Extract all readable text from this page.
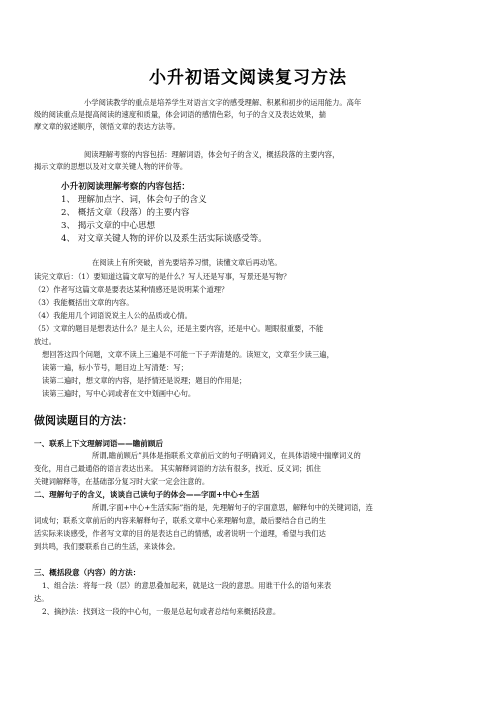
小升初语文阅读复习方法
小学阅读教学的重点是培养学生对语言文字的感受理解、积累和初步的运用能力。高年
级的阅读重点是提高阅读的速度和质量，体会词语的感情色彩，句子的含义及表达效果，揣
摩文章的叙述顺序，领悟文章的表达方法等。
阅读理解考察的内容包括：理解词语，体会句子的含义，概括段落的主要内容，
揭示文章的思想以及对文章关键人物的评价等。
小升初阅读理解考察的内容包括：
1、 理解加点字、词，体会句子的含义
2、 概括文章（段落）的主要内容
3、 揭示文章的中心思想
4、 对文章关键人物的评价以及系生活实际谈感受等。
在阅读上有所突破，首先要培养习惯，读懂文章后再动笔。
读完文章后：（1）要知道这篇文章写的是什么？写人还是写事，写景还是写物？
（2）作者写这篇文章是要表达某种情感还是说明某个道理？
（3）我能概括出文章的内容。
（4）我能用几个词语说说主人公的品质或心情。
（5）文章的题目是想表达什么？是主人公，还是主要内容，还是中心。题眼很重要，不能
放过。
想回答这四个问题，文章不读上三遍是不可能一下子弄清楚的。读短文，文章至少读三遍，
读第一遍，标小节号，题目边上写清楚：写；
读第二遍时，想文章的内容，是抒情还是说理；题目的作用是；
读第三遍时，写中心词或者在文中划画中心句。
做阅读题目的方法：
一、联系上下文理解词语——瞻前顾后
所谓,瞻前顾后”具体是指联系文章前后文的句子明确词义，在具体语境中揣摩词义的
变化，用自己最通俗的语言表达出来。 其实解释词语的方法有很多，找近、反义词；抓住
关键词解释等，在基础部分复习时大家一定会注意的。
二、理解句子的含义，谈谈自己读句子的体会——字面+中心+生活
所谓,字面+中心+生活实际”指的是，先理解句子的字面意思，解释句中的关键词语，连
词成句；联系文章前后的内容来解释句子，联系文章中心来理解句意，最后要结合自己的生
活实际来谈感受，作者写文章的目的是表达自己的情感，或者说明一个道理，希望与我们达
到共鸣，我们要联系自己的生活，来谈体会。
三、概括段意（内容）的方法：
1、组合法：将每一段（层）的意思叠加起来，就是这一段的意思。用谁干什么的语句来表
达。
2、摘抄法：找到这一段的中心句，一般是总起句或者总结句来概括段意。
